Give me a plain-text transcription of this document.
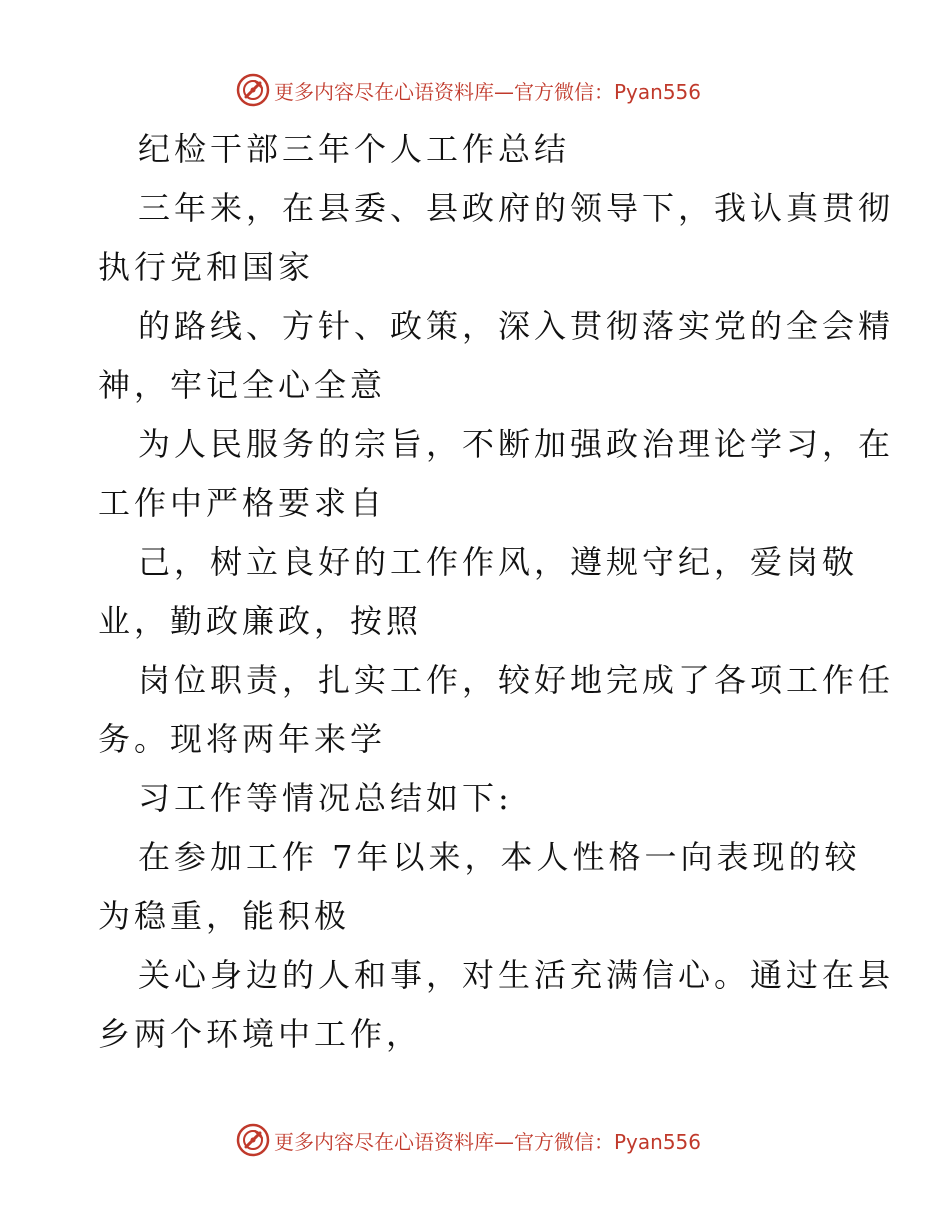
更多内容尽在心语资料库—官方微信：Pyan556
纪检干部三年个人工作总结
三年来，在县委、县政府的领导下，我认真贯彻
执行党和国家
的路线、方针、政策，深入贯彻落实党的全会精
神，牢记全心全意
为人民服务的宗旨，不断加强政治理论学习，在
工作中严格要求自
己，树立良好的工作作风，遵规守纪，爱岗敬
业，勤政廉政，按照
岗位职责，扎实工作，较好地完成了各项工作任
务。现将两年来学
习工作等情况总结如下:
在参加工作 7年以来，本人性格一向表现的较
为稳重，能积极
关心身边的人和事，对生活充满信心。通过在县
乡两个环境中工作，
更多内容尽在心语资料库—官方微信：Pyan556
